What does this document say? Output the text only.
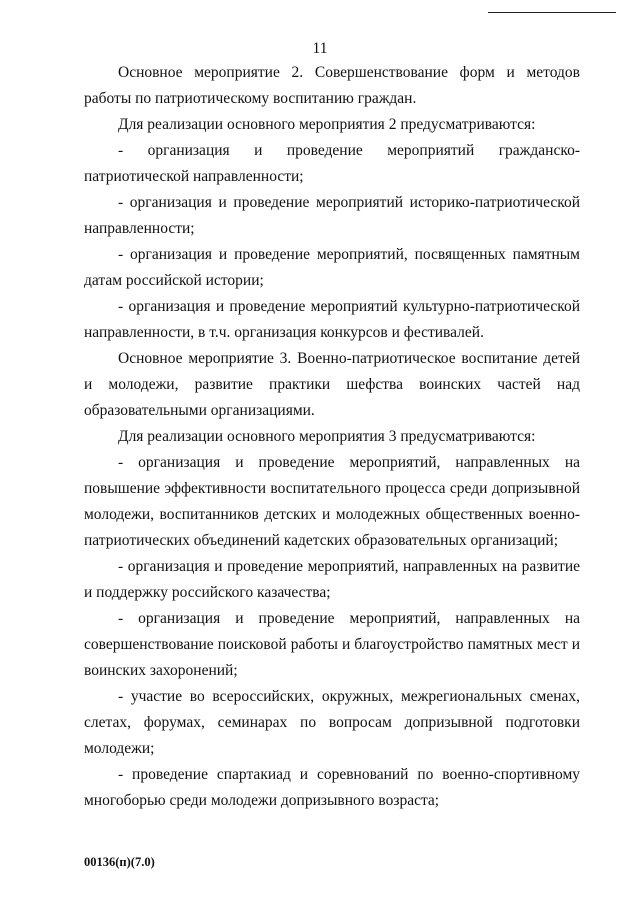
11

Основное мероприятие 2. Совершенствование форм и методов работы по патриотическому воспитанию граждан.

Для реализации основного мероприятия 2 предусматриваются:

- организация и проведение мероприятий гражданско-патриотической направленности;

- организация и проведение мероприятий историко-патриотической направленности;

- организация и проведение мероприятий, посвященных памятным датам российской истории;

- организация и проведение мероприятий культурно-патриотической направленности, в т.ч. организация конкурсов и фестивалей.

Основное мероприятие 3. Военно-патриотическое воспитание детей и молодежи, развитие практики шефства воинских частей над образовательными организациями.

Для реализации основного мероприятия 3 предусматриваются:

- организация и проведение мероприятий, направленных на повышение эффективности воспитательного процесса среди допризывной молодежи, воспитанников детских и молодежных общественных военно-патриотических объединений кадетских образовательных организаций;

- организация и проведение мероприятий, направленных на развитие и поддержку российского казачества;

- организация и проведение мероприятий, направленных на совершенствование поисковой работы и благоустройство памятных мест и воинских захоронений;

- участие во всероссийских, окружных, межрегиональных сменах, слетах, форумах, семинарах по вопросам допризывной подготовки молодежи;

- проведение спартакиад и соревнований по военно-спортивному многоборью среди молодежи допризывного возраста;

00136(п)(7.0)
